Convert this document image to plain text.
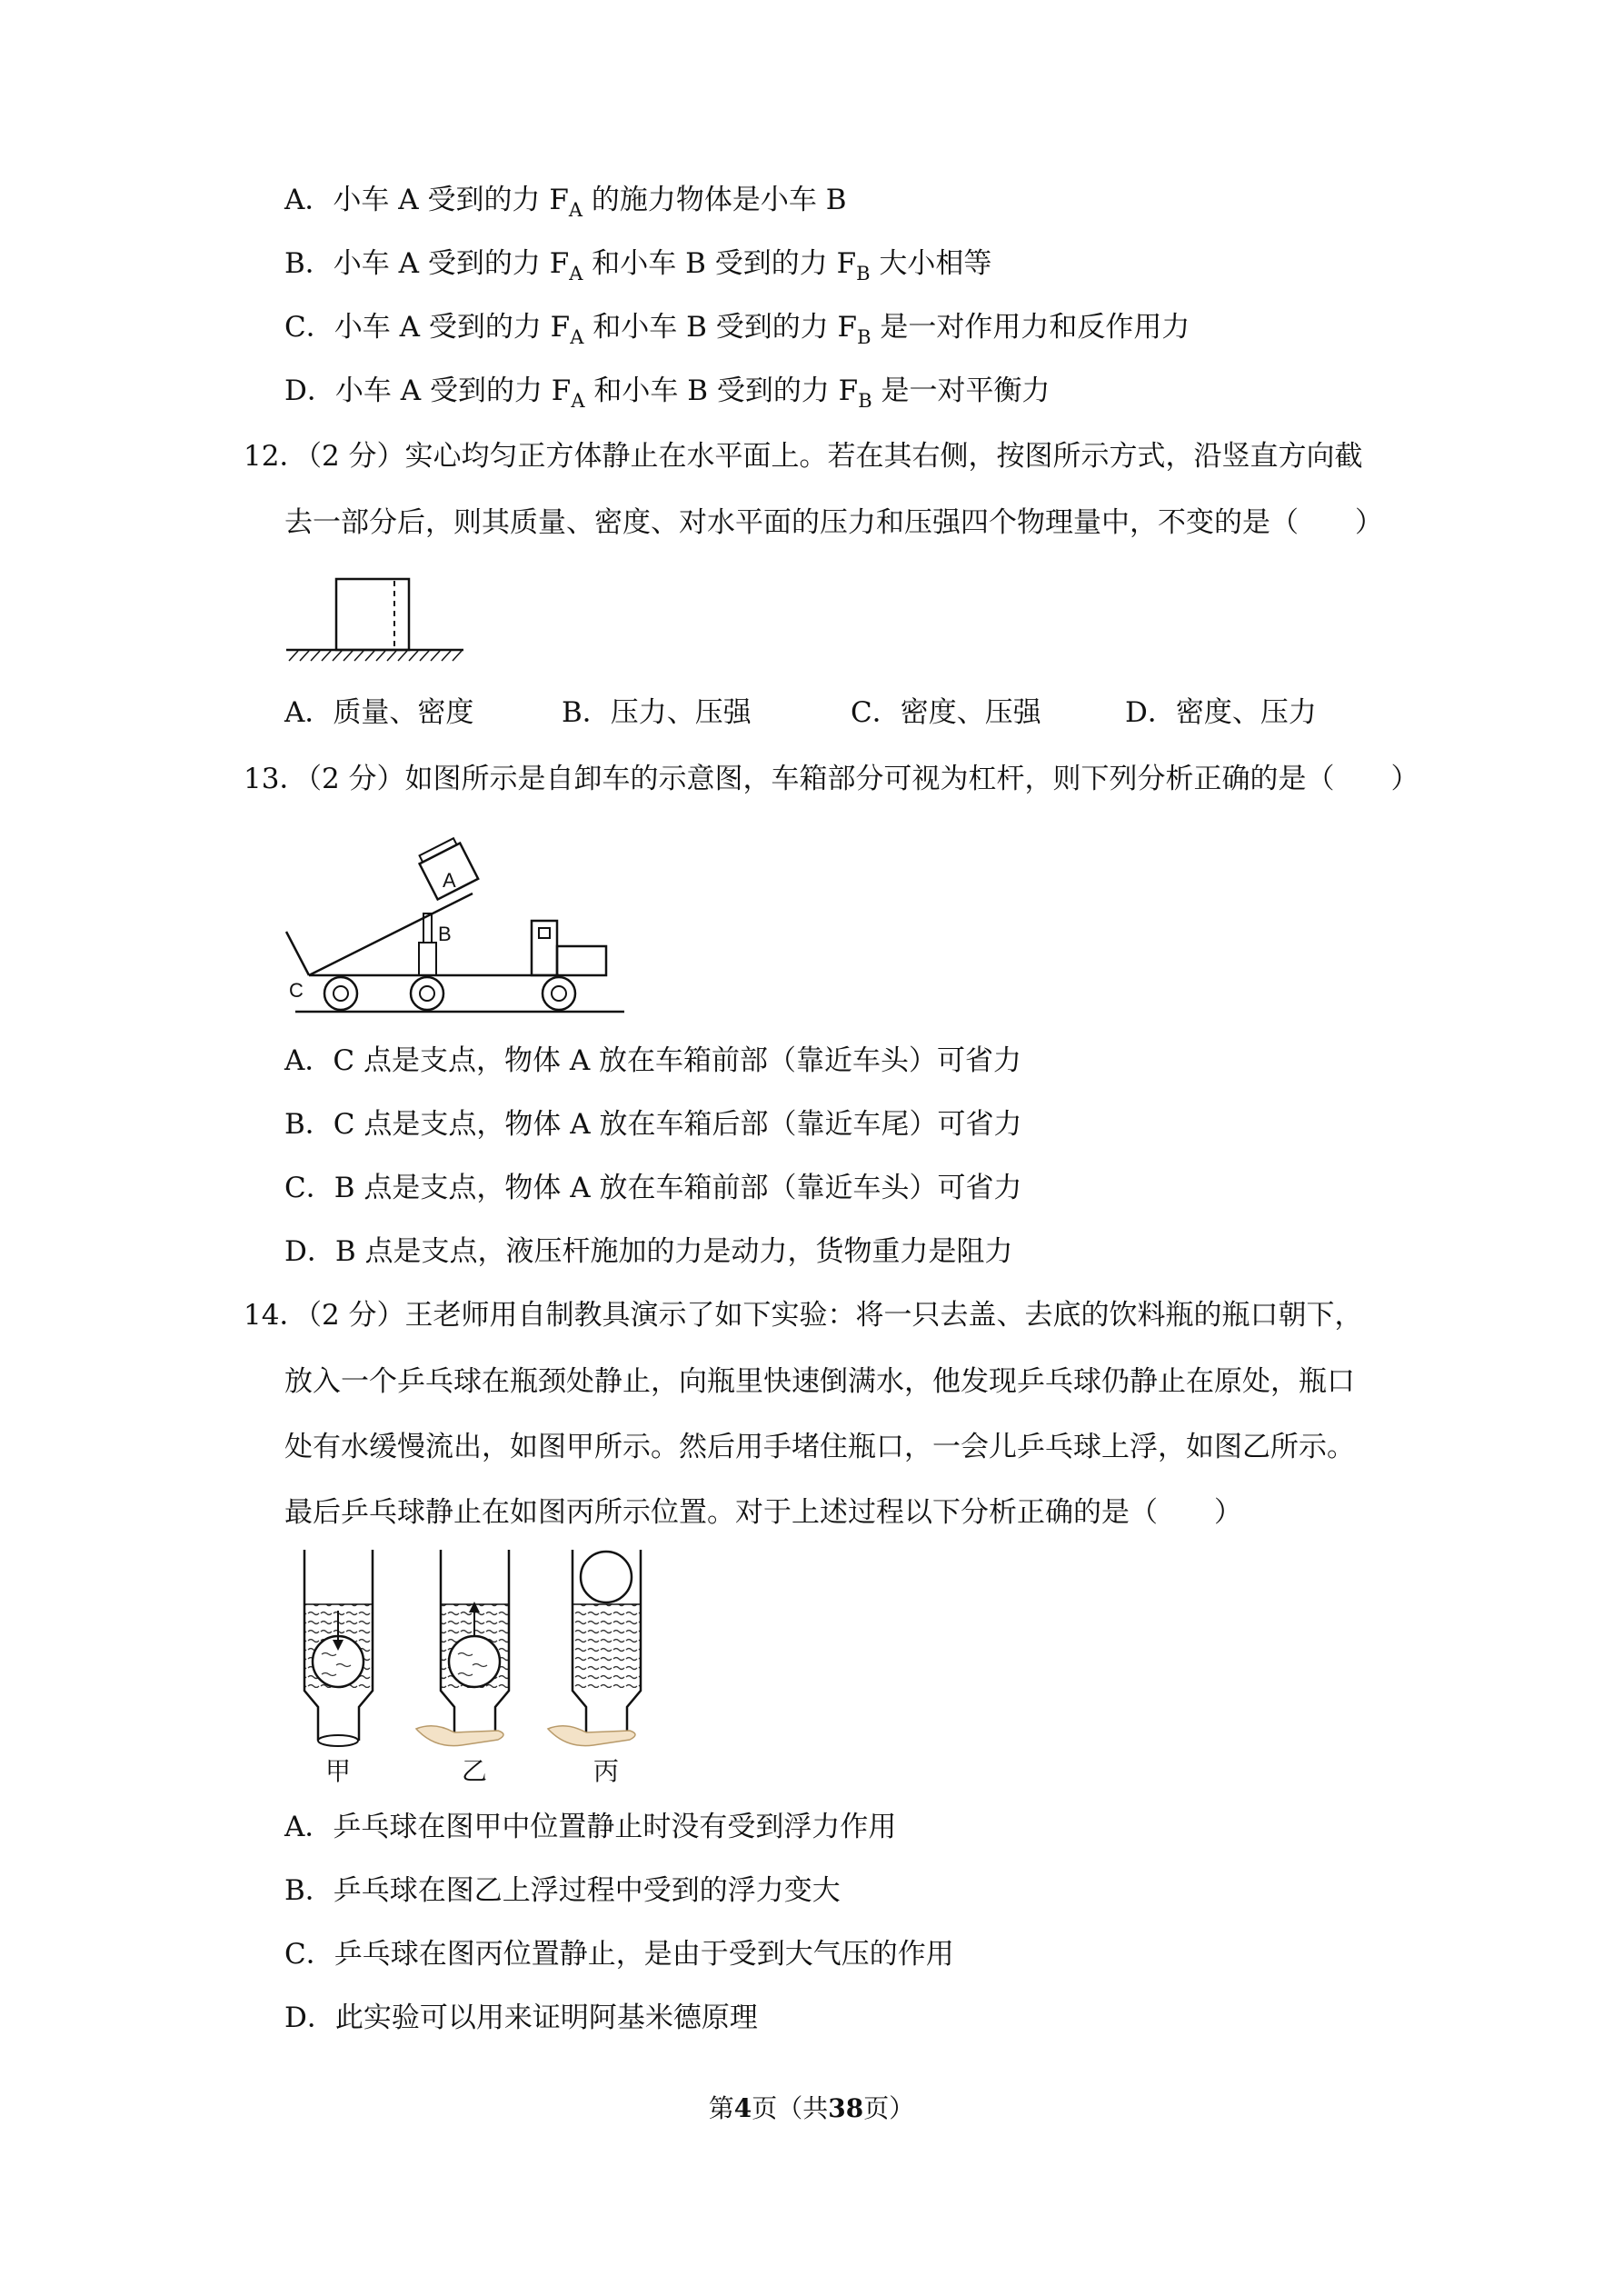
A．小车 A 受到的力 $F_A$ 的施力物体是小车 B
B．小车 A 受到的力 $F_A$ 和小车 B 受到的力 $F_B$ 大小相等
C．小车 A 受到的力 $F_A$ 和小车 B 受到的力 $F_B$ 是一对作用力和反作用力
D．小车 A 受到的力 $F_A$ 和小车 B 受到的力 $F_B$ 是一对平衡力
12．（2 分）实心均匀正方体静止在水平面上。若在其右侧，按图所示方式，沿竖直方向截
去一部分后，则其质量、密度、对水平面的压力和压强四个物理量中，不变的是（　　）
A．质量、密度	B．压力、压强	C．密度、压强	D．密度、压力
13．（2 分）如图所示是自卸车的示意图，车箱部分可视为杠杆，则下列分析正确的是（　　）
A
B
C
A．C 点是支点，物体 A 放在车箱前部（靠近车头）可省力
B．C 点是支点，物体 A 放在车箱后部（靠近车尾）可省力
C．B 点是支点，物体 A 放在车箱前部（靠近车头）可省力
D．B 点是支点，液压杆施加的力是动力，货物重力是阻力
14．（2 分）王老师用自制教具演示了如下实验：将一只去盖、去底的饮料瓶的瓶口朝下，
放入一个乒乓球在瓶颈处静止，向瓶里快速倒满水，他发现乒乓球仍静止在原处，瓶口
处有水缓慢流出，如图甲所示。然后用手堵住瓶口，一会儿乒乓球上浮，如图乙所示。
最后乒乓球静止在如图丙所示位置。对于上述过程以下分析正确的是（　　）
甲	乙	丙
A．乒乓球在图甲中位置静止时没有受到浮力作用
B．乒乓球在图乙上浮过程中受到的浮力变大
C．乒乓球在图丙位置静止，是由于受到大气压的作用
D．此实验可以用来证明阿基米德原理
第4页（共38页）
